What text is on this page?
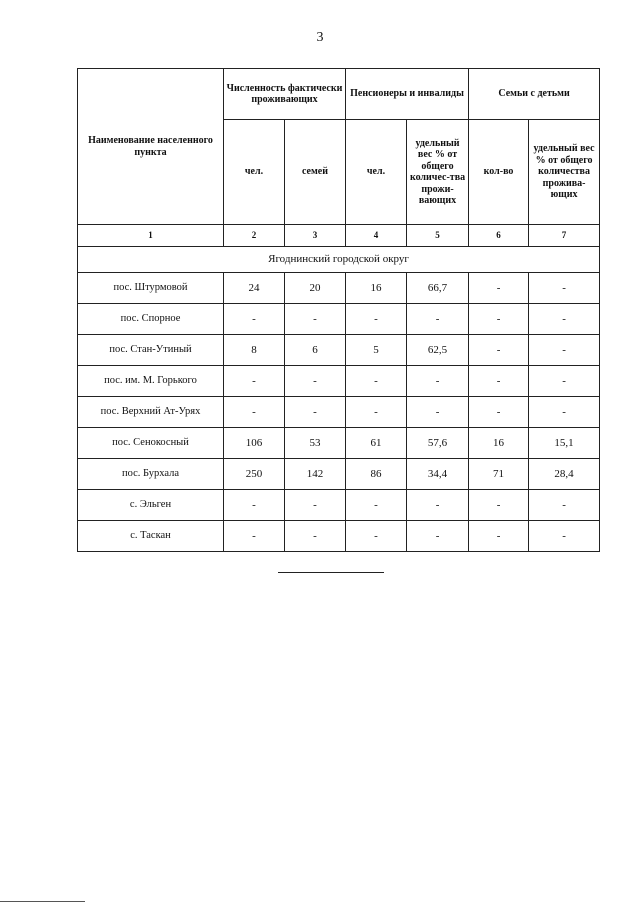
3
Наименование населенного пункта	Численность фактически проживающих		Пенсионеры и инвалиды		Семьи с детьми	
	чел.	семей	чел.	удельный вес % от общего количес-тва прожи-вающих	кол-во	удельный вес % от общего количества прожива-ющих
1	2	3	4	5	6	7
Ягоднинский городской округ						
пос. Штурмовой	24	20	16	66,7	-	-
пос. Спорное	-	-	-	-	-	-
пос. Стан-Утиный	8	6	5	62,5	-	-
пос. им. М. Горького	-	-	-	-	-	-
пос. Верхний Ат-Урях	-	-	-	-	-	-
пос. Сенокосный	106	53	61	57,6	16	15,1
пос. Бурхала	250	142	86	34,4	71	28,4
с. Эльген	-	-	-	-	-	-
с. Таскан	-	-	-	-	-	-
